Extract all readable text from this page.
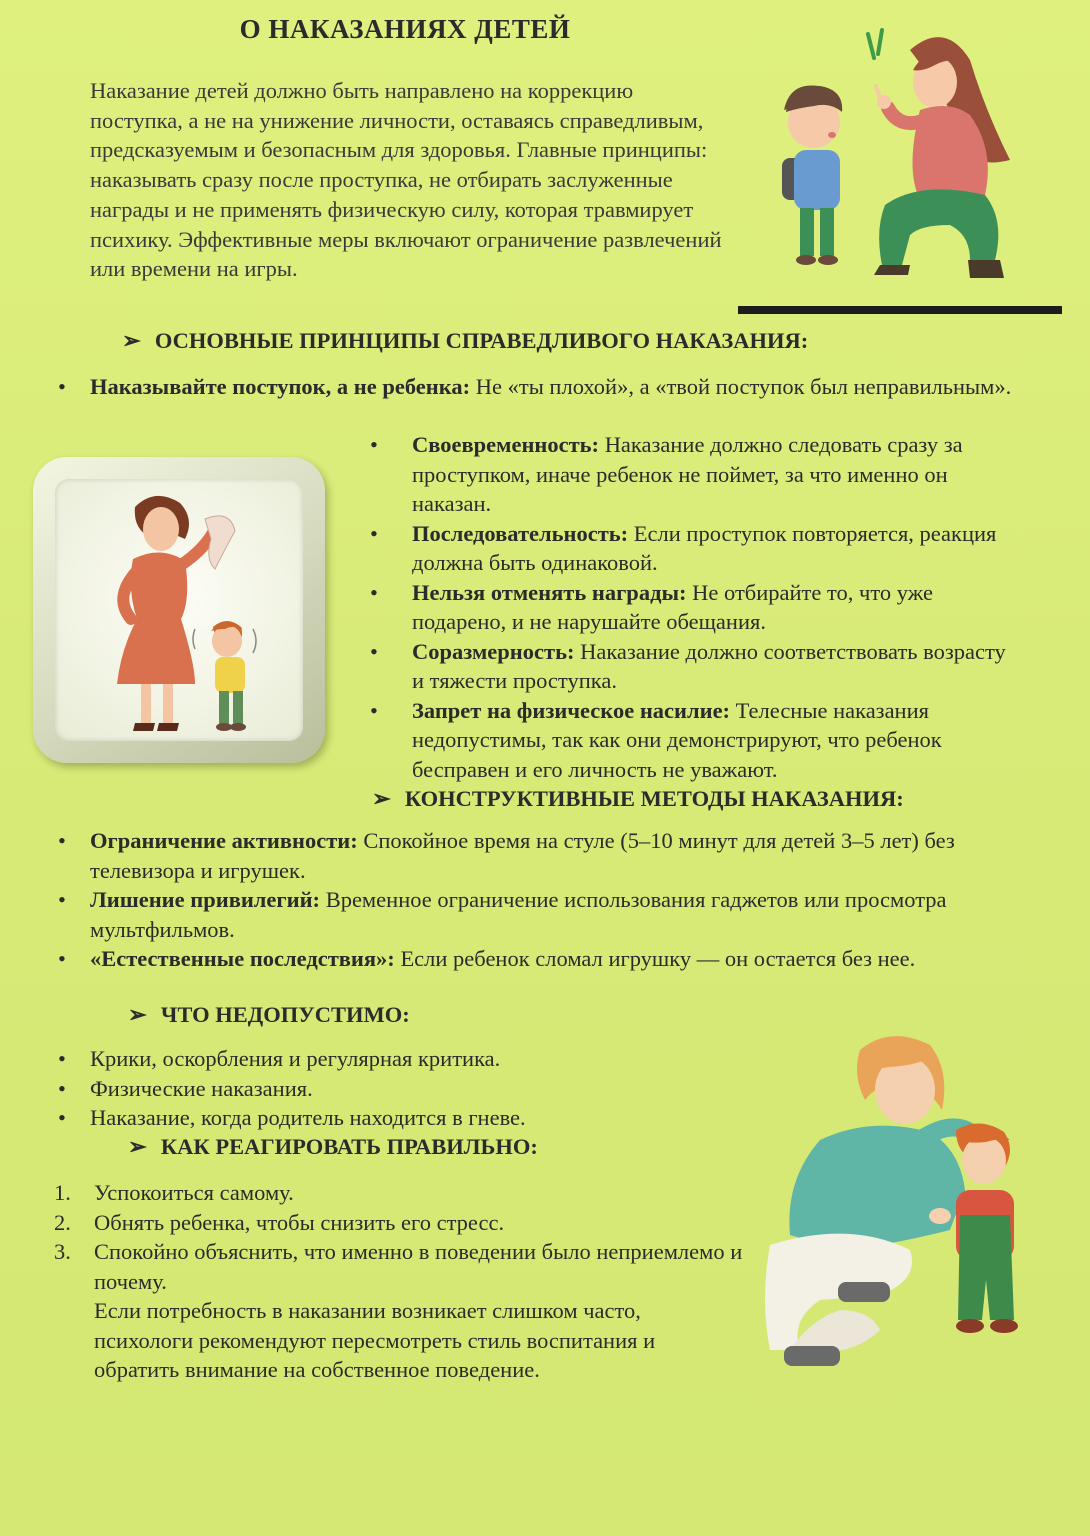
О НАКАЗАНИЯХ ДЕТЕЙ
Наказание детей должно быть направлено на коррекцию поступка, а не на унижение личности, оставаясь справедливым, предсказуемым и безопасным для здоровья. Главные принципы: наказывать сразу после проступка, не отбирать заслуженные награды и не применять физическую силу, которая травмирует психику. Эффективные меры включают ограничение развлечений или времени на игры.
➢ ОСНОВНЫЕ ПРИНЦИПЫ СПРАВЕДЛИВОГО НАКАЗАНИЯ:
• Наказывайте поступок, а не ребенка: Не «ты плохой», а «твой поступок был неправильным».
• Своевременность: Наказание должно следовать сразу за проступком, иначе ребенок не поймет, за что именно он наказан.
• Последовательность: Если проступок повторяется, реакция должна быть одинаковой.
• Нельзя отменять награды: Не отбирайте то, что уже подарено, и не нарушайте обещания.
• Соразмерность: Наказание должно соответствовать возрасту и тяжести проступка.
• Запрет на физическое насилие: Телесные наказания недопустимы, так как они демонстрируют, что ребенок бесправен и его личность не уважают.
➢ КОНСТРУКТИВНЫЕ МЕТОДЫ НАКАЗАНИЯ:
• Ограничение активности: Спокойное время на стуле (5–10 минут для детей 3–5 лет) без телевизора и игрушек.
• Лишение привилегий: Временное ограничение использования гаджетов или просмотра мультфильмов.
• «Естественные последствия»: Если ребенок сломал игрушку — он остается без нее.
➢ ЧТО НЕДОПУСТИМО:
• Крики, оскорбления и регулярная критика.
• Физические наказания.
• Наказание, когда родитель находится в гневе.
➢ КАК РЕАГИРОВАТЬ ПРАВИЛЬНО:
1. Успокоиться самому.
2. Обнять ребенка, чтобы снизить его стресс.
3. Спокойно объяснить, что именно в поведении было неприемлемо и почему.
Если потребность в наказании возникает слишком часто, психологи рекомендуют пересмотреть стиль воспитания и обратить внимание на собственное поведение.
